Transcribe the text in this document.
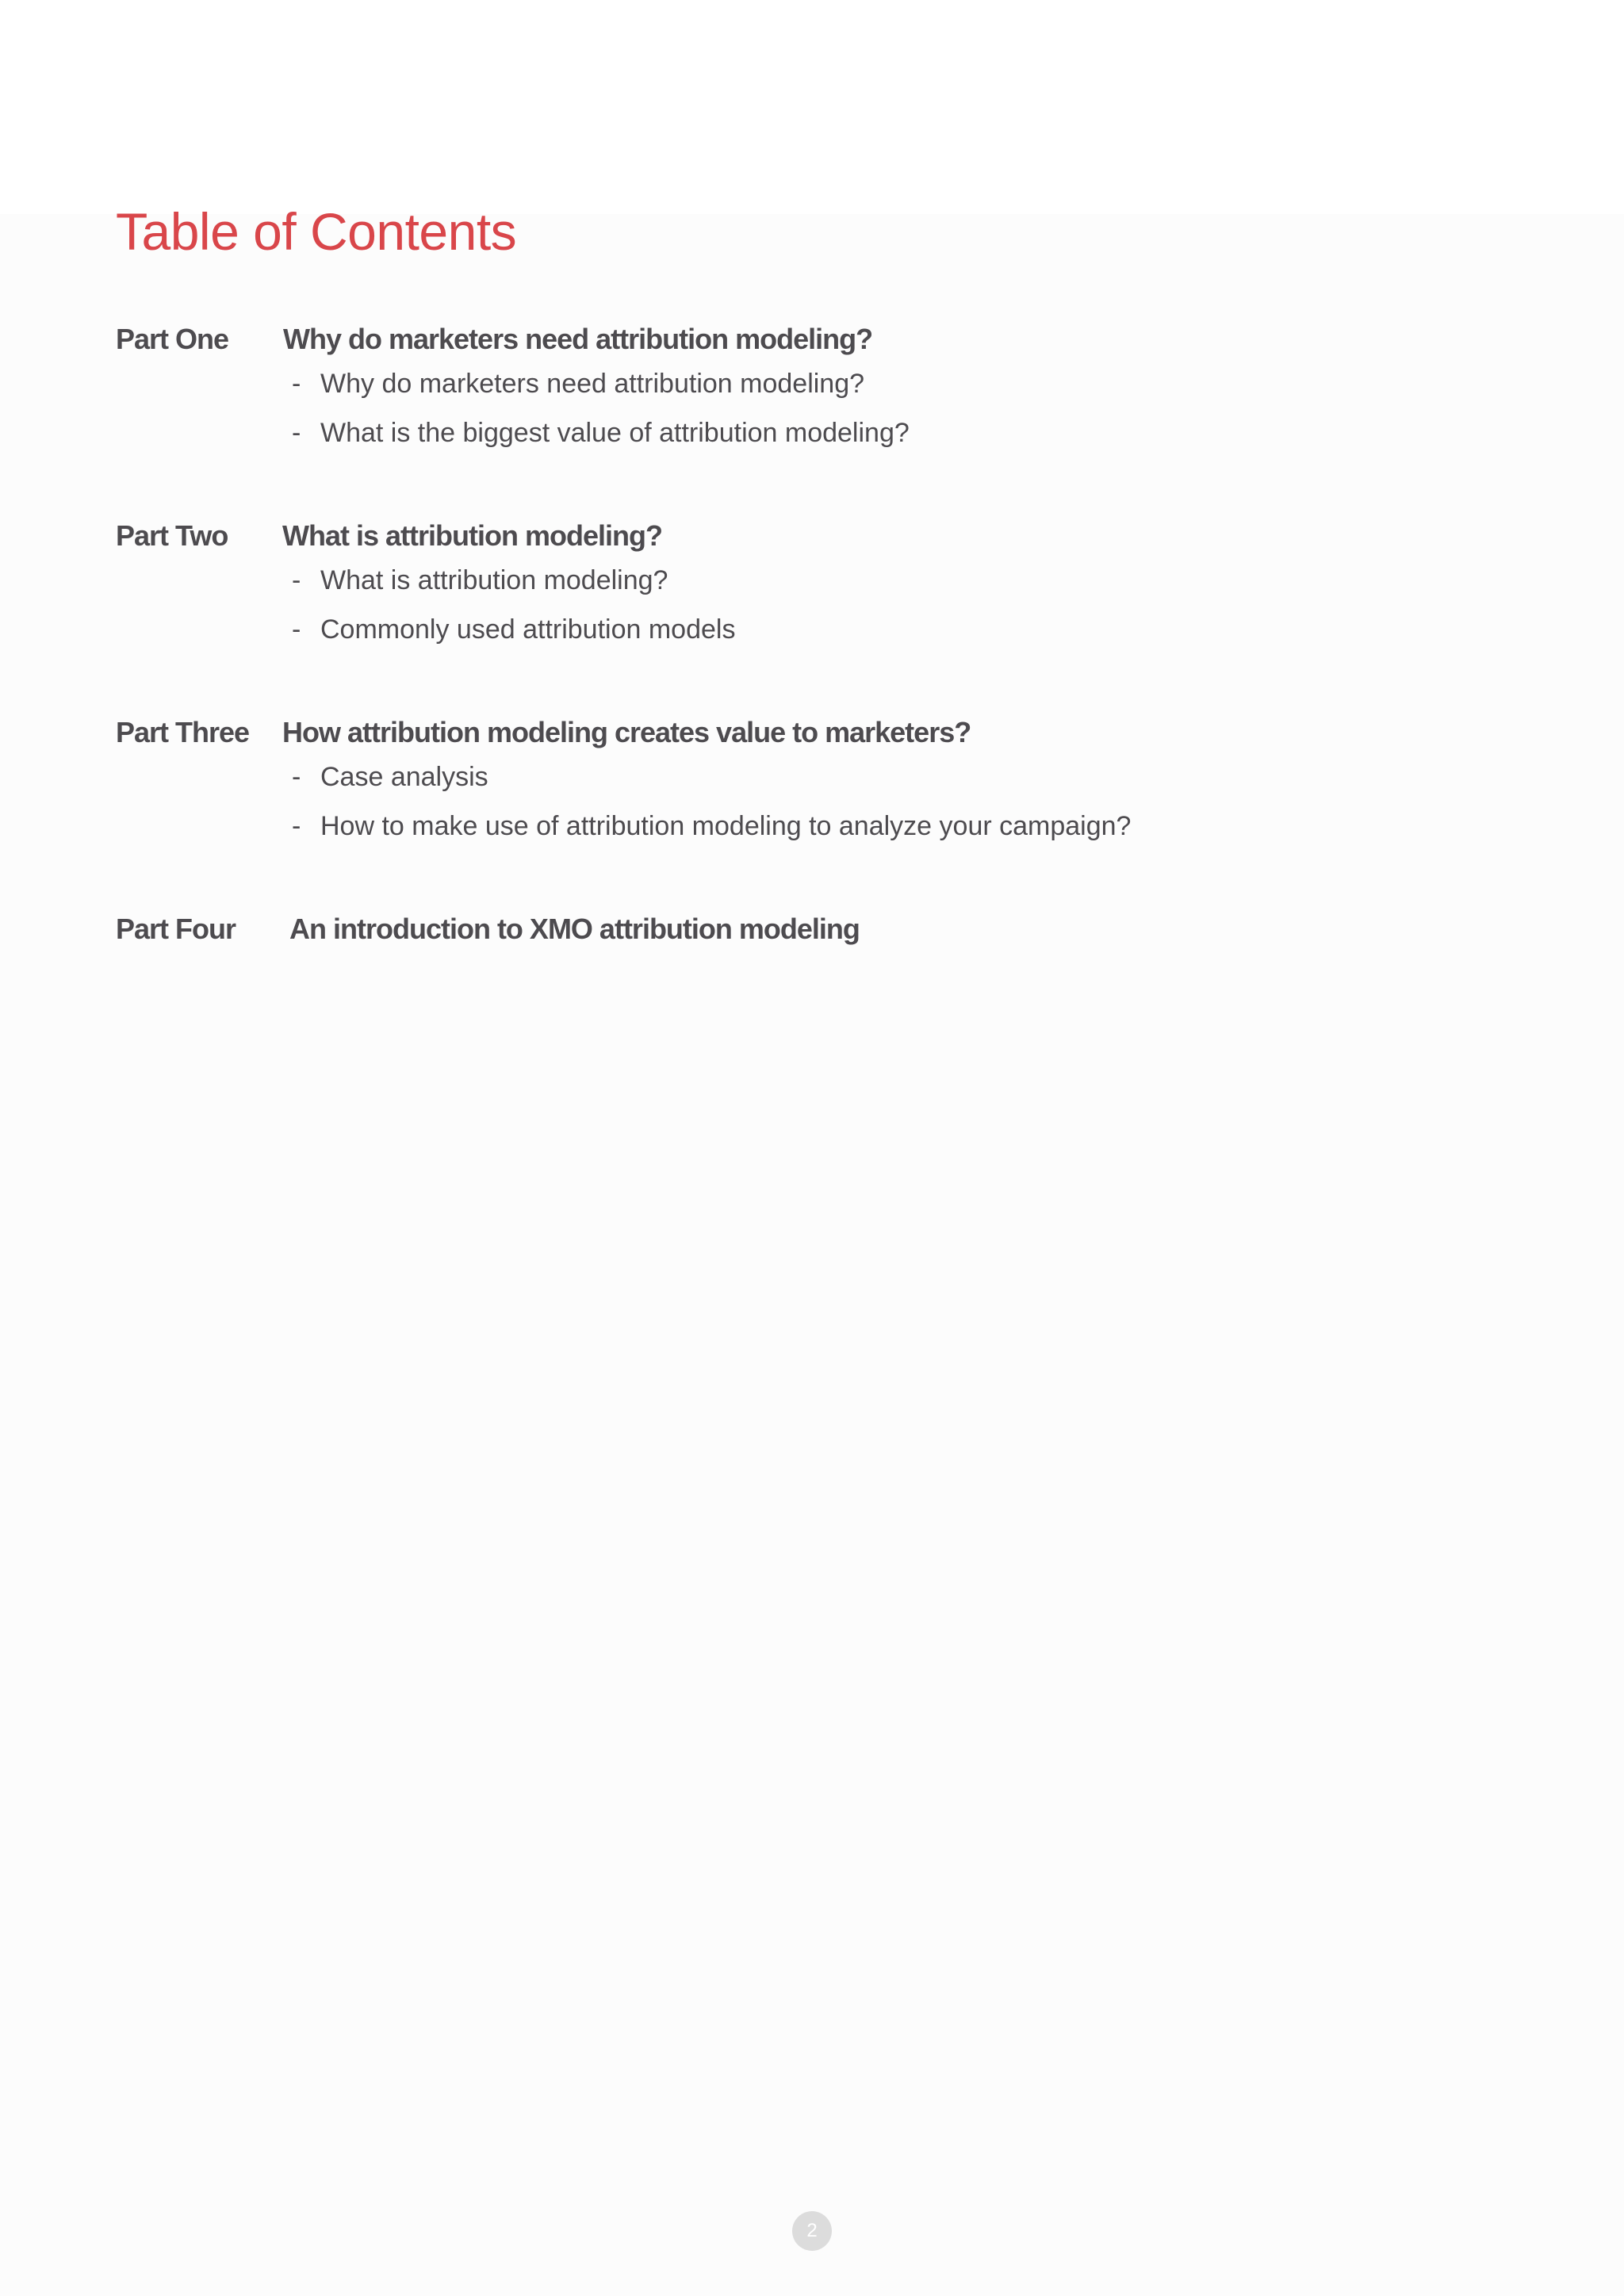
Table of Contents
Part One Why do marketers need attribution modeling?
- Why do marketers need attribution modeling?
- What is the biggest value of attribution modeling?
Part Two What is attribution modeling?
- What is attribution modeling?
- Commonly used attribution models
Part Three How attribution modeling creates value to marketers?
- Case analysis
- How to make use of attribution modeling to analyze your campaign?
Part Four An introduction to XMO attribution modeling
2
